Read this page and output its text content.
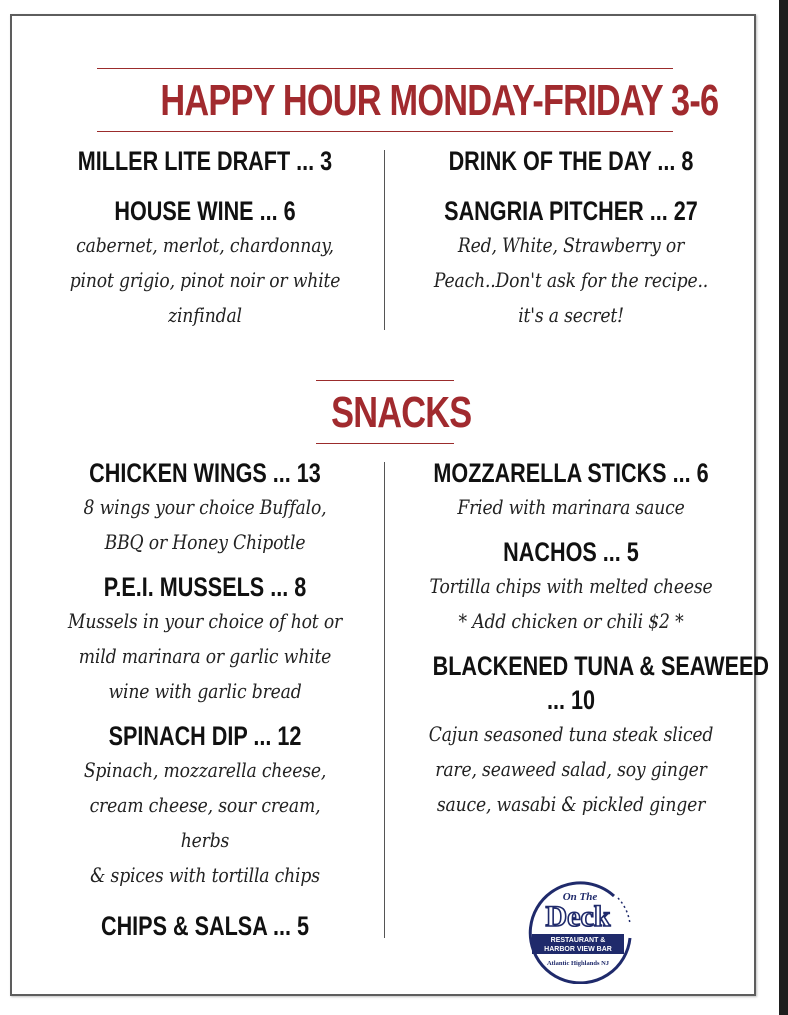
HAPPY HOUR MONDAY-FRIDAY 3-6
MILLER LITE DRAFT ... 3
HOUSE WINE ... 6
cabernet, merlot, chardonnay,
pinot grigio, pinot noir or white
zinfindal
DRINK OF THE DAY ... 8
SANGRIA PITCHER ... 27
Red, White, Strawberry or
Peach..Don't ask for the recipe..
it's a secret!
SNACKS
CHICKEN WINGS ... 13
8 wings your choice Buffalo,
BBQ or Honey Chipotle
P.E.I. MUSSELS ... 8
Mussels in your choice of hot or
mild marinara or garlic white
wine with garlic bread
SPINACH DIP ... 12
Spinach, mozzarella cheese,
cream cheese, sour cream, herbs
& spices with tortilla chips
CHIPS & SALSA ... 5
MOZZARELLA STICKS ... 6
Fried with marinara sauce
NACHOS ... 5
Tortilla chips with melted cheese
* Add chicken or chili $2 *
BLACKENED TUNA & SEAWEED
... 10
Cajun seasoned tuna steak sliced
rare, seaweed salad, soy ginger
sauce, wasabi & pickled ginger
On The
Deck
RESTAURANT &
HARBOR VIEW BAR
Atlantic Highlands NJ
